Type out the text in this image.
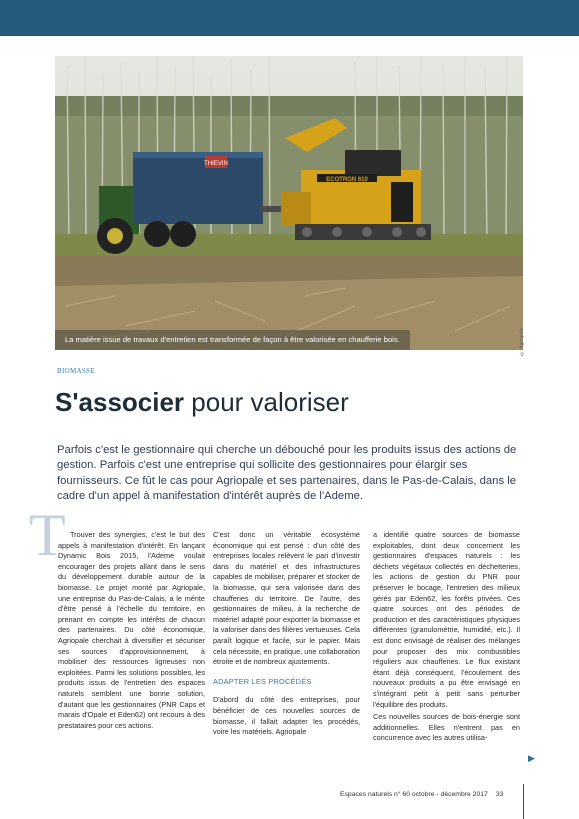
THIEVIN
ECOTRON 610
La matière issue de travaux d'entretien est transformée de façon à être valorisée en chaufferie bois.	© Agriopale
BIOMASSE
S'associer pour valoriser
Parfois c'est le gestionnaire qui cherche un débouché pour les produits issus des actions de gestion. Parfois c'est une entreprise qui sollicite des gestionnaires pour élargir ses fournisseurs. Ce fût le cas pour Agriopale et ses partenaires, dans le Pas-de-Calais, dans le cadre d'un appel à manifestation d'intérêt auprès de l'Ademe.
T Trouver des synergies, c'est le but des appels à manifestation d'intérêt. En lançant Dynamic Bois 2015, l'Ademe voulait encourager des projets allant dans le sens du développement durable autour de la biomasse. Le projet monté par Agriopale, une entreprise du Pas-de-Calais, a le mérite d'être pensé à l'échelle du territoire, en prenant en compte les intérêts de chacun des partenaires. Du côté économique, Agriopale cherchait à diversifier et sécuriser ses sources d'approvisionnement, à mobiliser des ressources ligneuses non exploitées. Parmi les solutions possibles, les produits issus de l'entretien des espaces naturels semblent une bonne solution, d'autant que les gestionnaires (PNR Caps et marais d'Opale et Eden62) ont recours à des prestataires pour ces actions.

C'est donc un véritable écosystème économique qui est pensé : d'un côté des entreprises locales relèvent le pari d'investir dans du matériel et des infrastructures capables de mobiliser, préparer et stocker de la biomasse, qui sera valorisée dans des chaufferies du territoire. De l'autre, des gestionnaires de milieu, à la recherche de matériel adapté pour exporter la biomasse et la valoriser dans des filières vertueuses. Cela paraît logique et facile, sur le papier. Mais cela nécessite, en pratique, une collaboration étroite et de nombreux ajustements.

ADAPTER LES PROCÉDÉS

D'abord du côté des entreprises, pour bénéficier de ces nouvelles sources de biomasse, il fallait adapter les procédés, voire les matériels. Agriopale

a identifié quatre sources de biomasse exploitables, dont deux concernent les gestionnaires d'espaces naturels : les déchets végétaux collectés en déchetteries, les actions de gestion du PNR pour préserver le bocage, l'entretien des milieux gérés par Eden62, les forêts privées. Ces quatre sources ont des périodes de production et des caractéristiques physiques différentes (granulométrie, humidité, etc.). Il est donc envisagé de réaliser des mélanges pour proposer des mix combustibles réguliers aux chaufferies. Le flux existant étant déjà conséquent, l'écoulement des nouveaux produits a pu être envisagé en s'intégrant petit à petit sans perturber l'équilibre des produits.

Ces nouvelles sources de bois-énergie sont additionnelles. Elles n'entrent pas en concurrence avec les autres utilisa-

▶
Espaces naturels n° 60 octobre - décembre 2017 33
